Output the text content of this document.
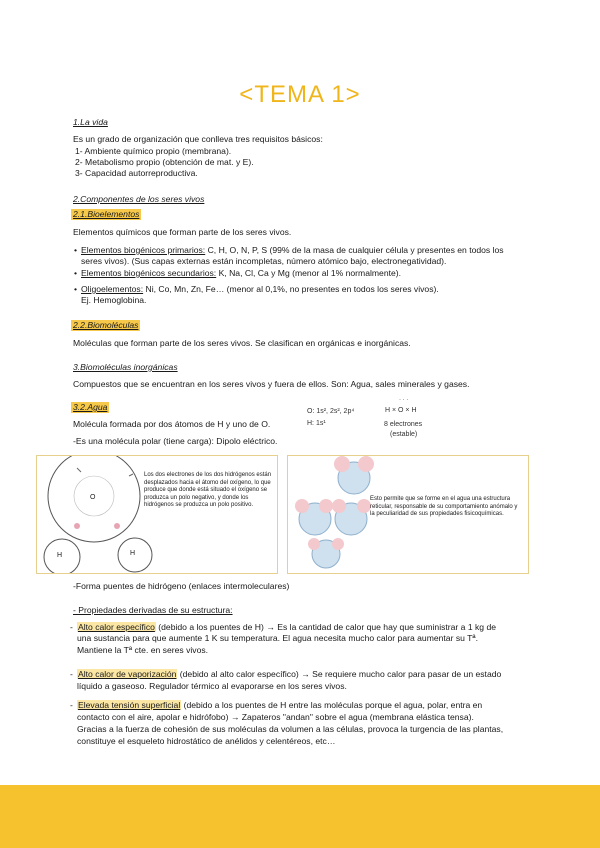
<TEMA 1>
1.La vida
Es un grado de organización que conlleva tres requisitos básicos:
1- Ambiente químico propio (membrana).
2- Metabolismo propio (obtención de mat. y E).
3- Capacidad autorreproductiva.
2.Componentes de los seres vivos
2.1.Bioelementos
Elementos químicos que forman parte de los seres vivos.
• Elementos biogénicos primarios: C, H, O, N, P, S (99% de la masa de cualquier célula y presentes en todos los
seres vivos). (Sus capas externas están incompletas, número atómico bajo, electronegatividad).
• Elementos biogénicos secundarios: K, Na, Cl, Ca y Mg (menor al 1% normalmente).
• Oligoelementos: Ni, Co, Mn, Zn, Fe… (menor al 0,1%, no presentes en todos los seres vivos).
Ej. Hemoglobina.
2.2.Biomoléculas
Moléculas que forman parte de los seres vivos. Se clasifican en orgánicas e inorgánicas.
3.Biomoléculas inorgánicas
Compuestos que se encuentran en los seres vivos y fuera de ellos. Son: Agua, sales minerales y gases.
3.2.Agua
Molécula formada por dos átomos de H y uno de O.
-Es una molécula polar (tiene carga): Dipolo eléctrico.
O: 1s², 2s², 2p⁴
H: 1s¹
· · ·
H × O × H
8 electrones
(estable)
O
H	H
Los dos electrones de los dos hidrógenos están desplazados hacia el átomo del oxígeno, lo que produce que donde está situado el oxígeno se produzca un polo negativo, y donde los hidrógenos se produzca un polo positivo.
Esto permite que se forme en el agua una estructura reticular, responsable de su comportamiento anómalo y la peculiaridad de sus propiedades fisicoquímicas.
-Forma puentes de hidrógeno (enlaces intermoleculares)
- Propiedades derivadas de su estructura:
- Alto calor específico (debido a los puentes de H) → Es la cantidad de calor que hay que suministrar a 1 kg de
una sustancia para que aumente 1 K su temperatura. El agua necesita mucho calor para aumentar su Tª.
Mantiene la Tª cte. en seres vivos.
- Alto calor de vaporización (debido al alto calor específico) → Se requiere mucho calor para pasar de un estado
líquido a gaseoso. Regulador térmico al evaporarse en los seres vivos.
- Elevada tensión superficial (debido a los puentes de H entre las moléculas porque el agua, polar, entra en
contacto con el aire, apolar e hidrófobo) → Zapateros "andan" sobre el agua (membrana elástica tensa).
Gracias a la fuerza de cohesión de sus moléculas da volumen a las células, provoca la turgencia de las plantas,
constituye el esqueleto hidrostático de anélidos y celentéreos, etc…
